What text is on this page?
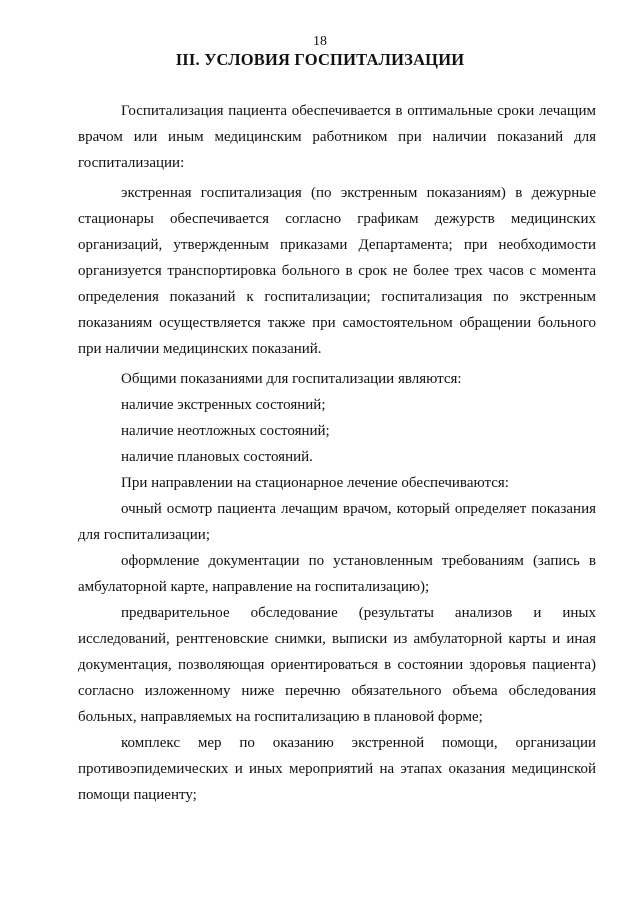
18
III. УСЛОВИЯ ГОСПИТАЛИЗАЦИИ

Госпитализация пациента обеспечивается в оптимальные сроки лечащим врачом или иным медицинским работником при наличии показаний для госпитализации:

экстренная госпитализация (по экстренным показаниям) в дежурные стационары обеспечивается согласно графикам дежурств медицинских организаций, утвержденным приказами Департамента; при необходимости организуется транспортировка больного в срок не более трех часов с момента определения показаний к госпитализации; госпитализация по экстренным показаниям осуществляется также при самостоятельном обращении больного при наличии медицинских показаний.

Общими показаниями для госпитализации являются:

наличие экстренных состояний;

наличие неотложных состояний;

наличие плановых состояний.

При направлении на стационарное лечение обеспечиваются:

очный осмотр пациента лечащим врачом, который определяет показания для госпитализации;

оформление документации по установленным требованиям (запись в амбулаторной карте, направление на госпитализацию);

предварительное обследование (результаты анализов и иных исследований, рентгеновские снимки, выписки из амбулаторной карты и иная документация, позволяющая ориентироваться в состоянии здоровья пациента) согласно изложенному ниже перечню обязательного объема обследования больных, направляемых на госпитализацию в плановой форме;

комплекс мер по оказанию экстренной помощи, организации противоэпидемических и иных мероприятий на этапах оказания медицинской помощи пациенту;
